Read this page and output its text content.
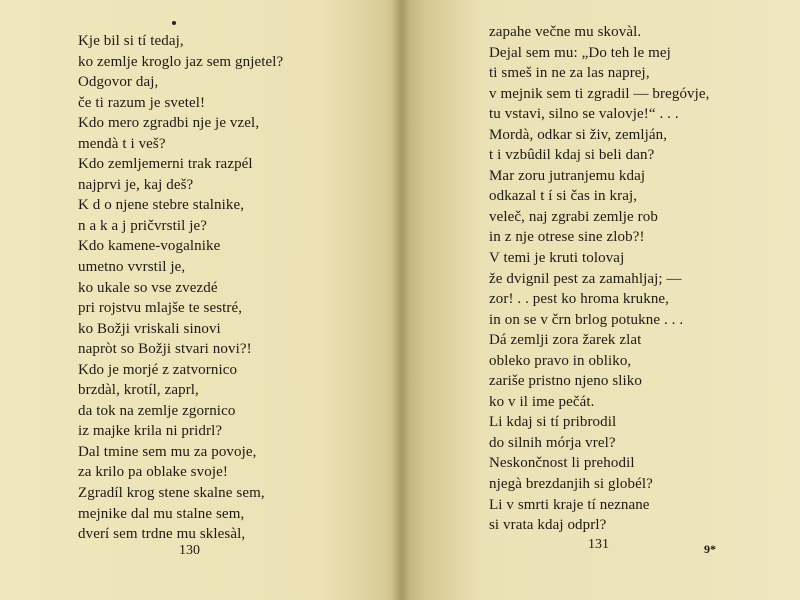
Kje bil si tí tedaj,
ko zemlje kroglo jaz sem gnjetel?
Odgovor daj,
če ti razum je svetel!
Kdo mero zgradbi nje je vzel,
mendà t i veš?
Kdo zemljemerni trak razpél
najprvi je, kaj deš?
K d o njene stebre stalnike,
n a k a j pričvrstil je?
Kdo kamene-vogalnike
umetno vvrstil je,
ko ukale so vse zvezdé
pri rojstvu mlajše te sestré,
ko Božji vriskali sinovi
napròt so Božji stvari novi?!
Kdo je morjé z zatvornico
brzdàl, krotíl, zaprl,
da tok na zemlje zgornico
iz majke krila ni pridrl?
Dal tmine sem mu za povoje,
za krilo pa oblake svoje!
Zgradíl krog stene skalne sem,
mejnike dal mu stalne sem,
dverí sem trdne mu sklesàl,
130
zapahe večne mu skovàl.
Dejal sem mu: „Do teh le mej
ti smeš in ne za las naprej,
v mejnik sem ti zgradil — bregóvje,
tu vstavi, silno se valovje!“ . . .
Mordà, odkar si živ, zemlján,
t i vzbûdil kdaj si beli dan?
Mar zoru jutranjemu kdaj
odkazal t í si čas in kraj,
veleč, naj zgrabi zemlje rob
in z nje otrese sine zlob?!
V temi je kruti tolovaj
že dvignil pest za zamahljaj; —
zor! . . pest ko hroma krukne,
in on se v črn brlog potukne . . .
Dá zemlji zora žarek zlat
obleko pravo in obliko,
zariše pristno njeno sliko
ko v il ime pečát.
Li kdaj si tí pribrodil
do silnih mórja vrel?
Neskončnost li prehodil
njegà brezdanjih si globél?
Li v smrti kraje tí neznane
si vrata kdaj odprl?
131	9*
